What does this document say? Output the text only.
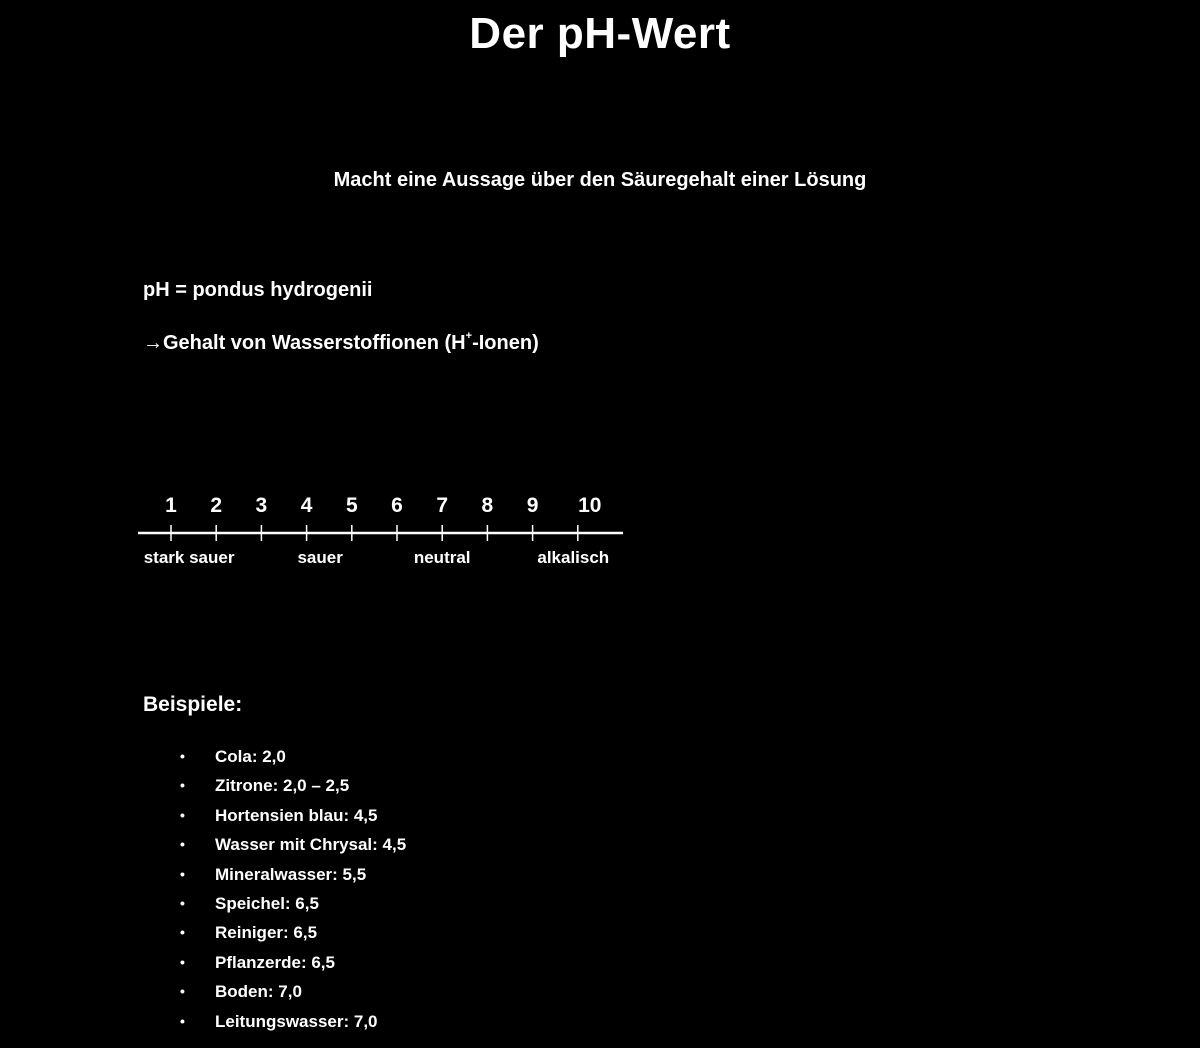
Der pH-Wert
Macht eine Aussage über den Säuregehalt einer Lösung
pH = pondus hydrogenii
→Gehalt von Wasserstoffionen (H+-Ionen)
1 2 3 4 5 6 7 8 9 10
stark sauer	sauer	neutral	alkalisch
Beispiele:
• Cola: 2,0
• Zitrone: 2,0 – 2,5
• Hortensien blau: 4,5
• Wasser mit Chrysal: 4,5
• Mineralwasser: 5,5
• Speichel: 6,5
• Reiniger: 6,5
• Pflanzerde: 6,5
• Boden: 7,0
• Leitungswasser: 7,0
